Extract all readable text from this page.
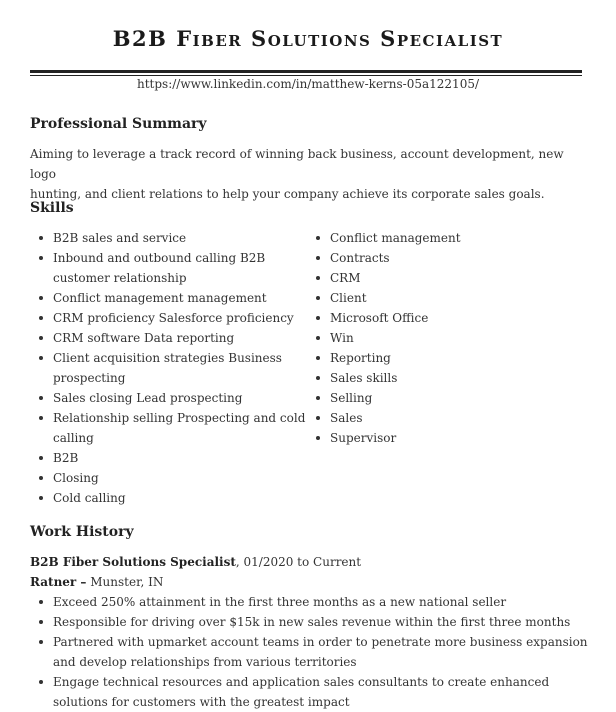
B2B Fiber Solutions Specialist
https://www.linkedin.com/in/matthew-kerns-05a122105/
Professional Summary
Aiming to leverage a track record of winning back business, account development, new logo
hunting, and client relations to help your company achieve its corporate sales goals.
Skills
B2B sales and service
Inbound and outbound calling B2B customer relationship
Conflict management management
CRM proficiency Salesforce proficiency
CRM software Data reporting
Client acquisition strategies Business prospecting
Sales closing Lead prospecting
Relationship selling Prospecting and cold calling
B2B
Closing
Cold calling
Conflict management
Contracts
CRM
Client
Microsoft Office
Win
Reporting
Sales skills
Selling
Sales
Supervisor
Work History
B2B Fiber Solutions Specialist, 01/2020 to Current
Ratner – Munster, IN
Exceed 250% attainment in the first three months as a new national seller
Responsible for driving over $15k in new sales revenue within the first three months
Partnered with upmarket account teams in order to penetrate more business expansion and develop relationships from various territories
Engage technical resources and application sales consultants to create enhanced solutions for customers with the greatest impact
